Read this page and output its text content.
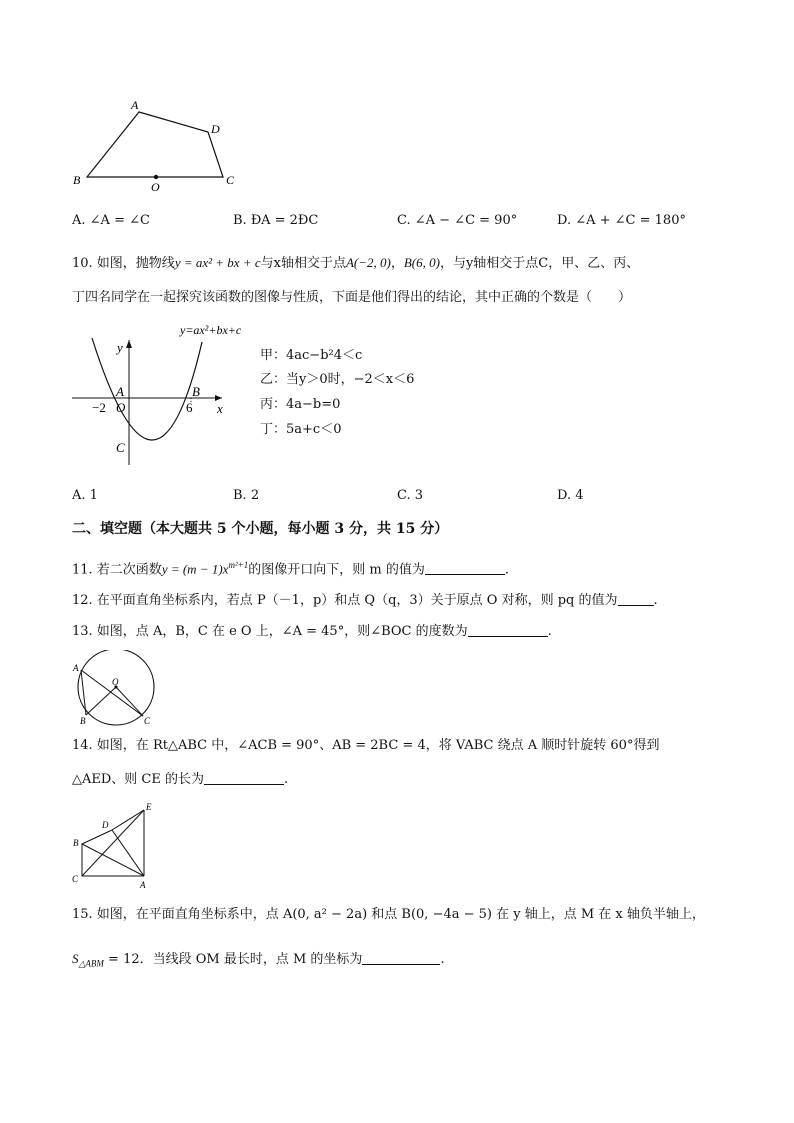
A
D
B	O	C
A. ∠A = ∠C	B. ÐA = 2ÐC	C. ∠A − ∠C = 90°	D. ∠A + ∠C = 180°
10. 如图，抛物线y = ax² + bx + c与x轴相交于点A(−2, 0)，B(6, 0)，与y轴相交于点C，甲、乙、丙、
丁四名同学在一起探究该函数的图像与性质，下面是他们得出的结论，其中正确的个数是（　　）
y=ax²+bx+c
y
x
A	B
O
−2	6
C
甲：4ac−b²4＜c
乙：当y＞0时，−2＜x＜6
丙：4a−b=0
丁：5a+c＜0
A. 1	B. 2	C. 3	D. 4
二、填空题（本大题共 5 个小题，每小题 3 分，共 15 分）
11. 若二次函数$y = (m - 1)x^{m^2+1}$的图像开口向下，则 m 的值为	.
12. 在平面直角坐标系内，若点 P（－1，p）和点 Q（q，3）关于原点 O 对称，则 pq 的值为	.
13. 如图，点 A，B，C 在 e O 上，∠A = 45°，则∠BOC 的度数为	.
A
O
B	C
14. 如图，在 Rt△ABC 中，∠ACB = 90°、AB = 2BC = 4，将 VABC 绕点 A 顺时针旋转 60°得到
△AED、则 CE 的长为	.
E
D
B
C
A
15. 如图，在平面直角坐标系中，点 A(0, a² − 2a) 和点 B(0, −4a − 5) 在 y 轴上，点 M 在 x 轴负半轴上，
$S_{\triangle ABM} = 12$．当线段 OM 最长时，点 M 的坐标为	.
